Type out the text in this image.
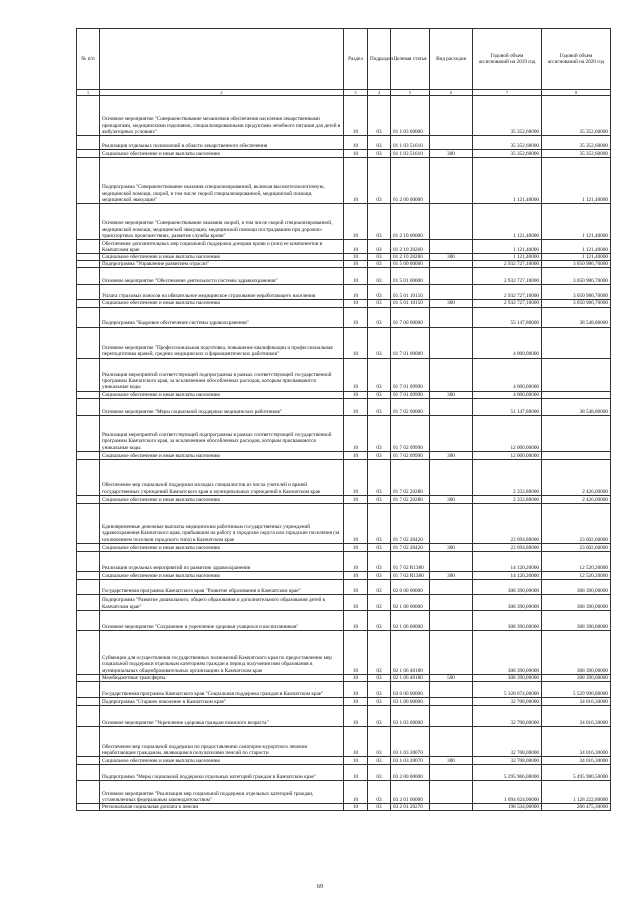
№ п/п		Раздел	Подраздел	Целевая статья	Вид расходов	Годовой объем ассигнований на 2019 год	Годовой объем ассигнований на 2020 год
1	2	3	4	5	6	7	8
	Основное мероприятие "Совершенствование механизмов обеспечения населения лекарственными препаратами, медицинскими изделиями, специализированными продуктами лечебного питания для детей в амбулаторных условиях"	10	03	01 1 03 00000		35 352,60000	35 352,60000
	Реализация отдельных полномочий в области лекарственного обеспечения	10	03	01 1 03 51610		35 352,60000	35 352,60000
	Социальное обеспечение и иные выплаты населению	10	03	01 1 03 51610	300	35 352,60000	35 352,60000
	Подпрограмма "Совершенствование оказания специализированной, включая высокотехнологичную, медицинской помощи, скорой, в том числе скорой специализированной, медицинской помощи, медицинской эвакуации"	10	03	01 2 00 00000		1 121,40000	1 121,40000
	Основное мероприятие "Совершенствование оказания скорой, в том числе скорой специализированной, медицинской помощи, медицинской эвакуации, медицинской помощи пострадавшим при дорожно-транспортных происшествиях, развитие службы крови"	10	03	01 2 10 00000		1 121,40000	1 121,40000
	Обеспечение дополнительных мер социальной поддержки донорам крови и (или) ее компонентов в Камчатском крае	10	03	01 2 10 20260		1 121,40000	1 121,40000
	Социальное обеспечение и иные выплаты населению	10	03	01 2 10 20260	300	1 121,40000	1 121,40000
	Подпрограмма "Управление развитием отрасли"	10	03	01 5 00 00000		2 932 727,10000	3 050 986,70000
	Основное мероприятие "Обеспечение деятельности системы здравоохранения"	10	03	01 5 01 00000		2 932 727,10000	3 050 986,70000
	Уплата страховых взносов на обязательное медицинское страхование неработающего населения	10	03	01 5 01 10150		2 932 727,10000	3 050 986,70000
	Социальное обеспечение и иные выплаты населению	10	03	01 5 01 10150	300	2 932 727,10000	3 050 986,70000
	Подпрограмма "Кадровое обеспечение системы здравоохранения"	10	03	01 7 00 00000		55 147,80000	38 548,80000
	Основное мероприятие "Профессиональная подготовка, повышение квалификации и профессиональная переподготовка врачей, средних медицинских и фармацевтических работников"	10	03	01 7 01 00000		4 000,00000	
	Реализация мероприятий соответствующей подпрограммы в рамках соответствующей государственной программы Камчатского края, за исключением обособленных расходов, которым присваиваются уникальные коды	10	03	01 7 01 09990		4 000,00000	
	Социальное обеспечение и иные выплаты населению	10	03	01 7 01 09990	300	4 000,00000	
	Основное мероприятие "Меры социальной поддержки медицинских работников"	10	03	01 7 02 00000		51 147,80000	38 548,80000
	Реализация мероприятий соответствующей подпрограммы в рамках соответствующей государственной программы Камчатского края, за исключением обособленных расходов, которым присваиваются уникальные коды	10	03	01 7 02 09990		12 000,00000	
	Социальное обеспечение и иные выплаты населению	10	03	01 7 02 09990	300	12 000,00000	
	Обеспечение мер социальной поддержки молодых специалистов из числа учителей и врачей государственных учреждений Камчатского края и муниципальных учреждений в Камчатском крае	10	03	01 7 02 20280		2 332,80000	2 426,00000
	Социальное обеспечение и иные выплаты населению	10	03	01 7 02 20280	300	2 332,80000	2 426,00000
	Единовременные денежные выплаты медицинским работникам государственных учреждений здравоохранения Камчатского края, прибывшим на работу в городские округа или городские поселения (за исключением поселков городского типа) в Камчатском крае	10	03	01 7 02 20420		22 694,80000	23 602,60000
	Социальное обеспечение и иные выплаты населению	10	03	01 7 02 20420	300	22 694,80000	23 602,60000
	Реализация отдельных мероприятий по развитию здравоохранения	10	03	01 7 02 R1380		14 120,20000	12 520,20000
	Социальное обеспечение и иные выплаты населению	10	03	01 7 02 R1380	300	14 120,20000	12 520,20000
	Государственная программа Камчатского края "Развитие образования в Камчатском крае"	10	03	02 0 00 00000		308 390,00000	308 390,00000
	Подпрограмма "Развитие дошкольного, общего образования и дополнительного образования детей в Камчатском крае"	10	03	02 1 00 00000		308 390,00000	308 390,00000
	Основное мероприятие "Сохранение и укрепление здоровья учащихся и воспитанников"	10	03	02 1 06 00000		308 390,00000	308 390,00000
	Субвенции для осуществления государственных полномочий Камчатского края по предоставлению мер социальной поддержки отдельным категориям граждан в период получения ими образования в муниципальных общеобразовательных организациях в Камчатском крае	10	03	02 1 06 40180		308 390,00000	308 390,00000
	Межбюджетные трансферты	10	03	02 1 06 40180	500	308 390,00000	308 390,00000
	Государственная программа Камчатского края "Социальная поддержка граждан в Камчатском крае"	10	03	03 0 00 00000		5 328 674,00000	5 529 996,80000
	Подпрограмма "Старшее поколение в Камчатском крае"	10	03	03 1 00 00000		32 708,00000	34 016,30000
	Основное мероприятие "Укрепление здоровья граждан пожилого возраста"	10	03	03 1 03 00000		32 708,00000	34 016,30000
	Обеспечение мер социальной поддержки по предоставлению санаторно-курортного лечения неработающим гражданам, являющимся получателями пенсий по старости	10	03	03 1 03 20070		32 708,00000	34 016,30000
	Социальное обеспечение и иные выплаты населению	10	03	03 1 03 20070	300	32 708,00000	34 016,30000
	Подпрограмма "Меры социальной поддержки отдельных категорий граждан в Камчатском крае"	10	03	03 2 00 00000		5 295 966,00000	5 495 980,50000
	Основное мероприятие "Реализация мер социальной поддержки отдельных категорий граждан, установленных федеральным законодательством"	10	03	03 2 01 00000		1 094 624,00000	1 128 222,80000
	Региональная социальная доплата к пенсии	10	03	03 2 01 20270		198 534,00000	206 475,30000
69
